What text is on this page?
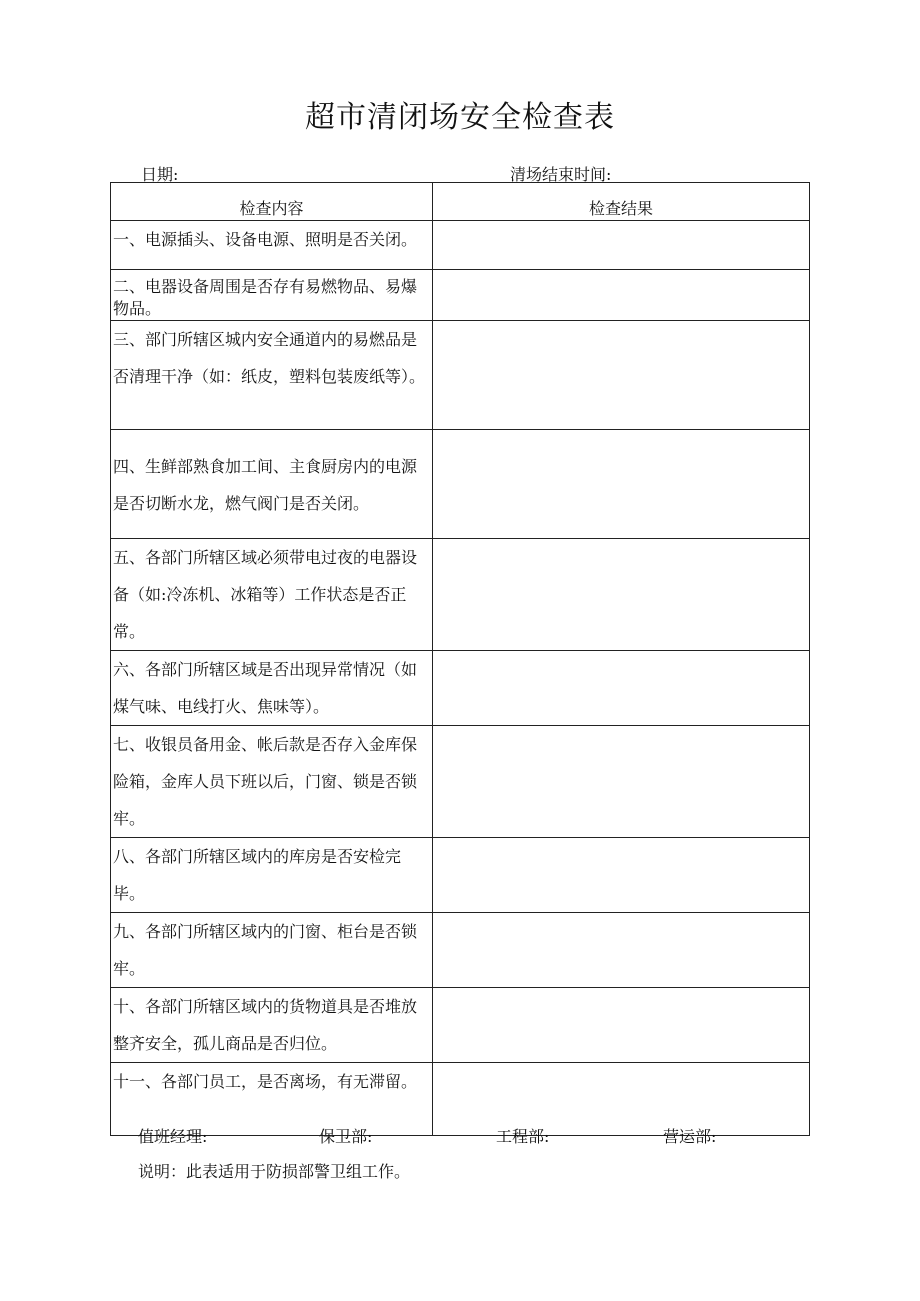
超市清闭场安全检查表
日期:	清场结束时间:
检查内容	检查结果

一、电源插头、设备电源、照明是否关闭。	

二、电器设备周围是否存有易燃物品、易爆物品。	

三、部门所辖区城内安全通道内的易燃品是否清理干净（如：纸皮，塑料包装废纸等）。	

四、生鲜部熟食加工间、主食厨房内的电源是否切断水龙，燃气阀门是否关闭。	

五、各部门所辖区域必须带电过夜的电器设备（如:冷冻机、冰箱等）工作状态是否正常。	

六、各部门所辖区域是否出现异常情况（如煤气味、电线打火、焦味等）。	

七、收银员备用金、帐后款是否存入金库保险箱，金库人员下班以后，门窗、锁是否锁牢。	

八、各部门所辖区域内的库房是否安检完毕。	

九、各部门所辖区域内的门窗、柜台是否锁牢。	

十、各部门所辖区域内的货物道具是否堆放整齐安全，孤儿商品是否归位。	

十一、各部门员工，是否离场，有无滞留。	

值班经理:	保卫部:	工程部:	营运部:
说明：此表适用于防损部警卫组工作。
